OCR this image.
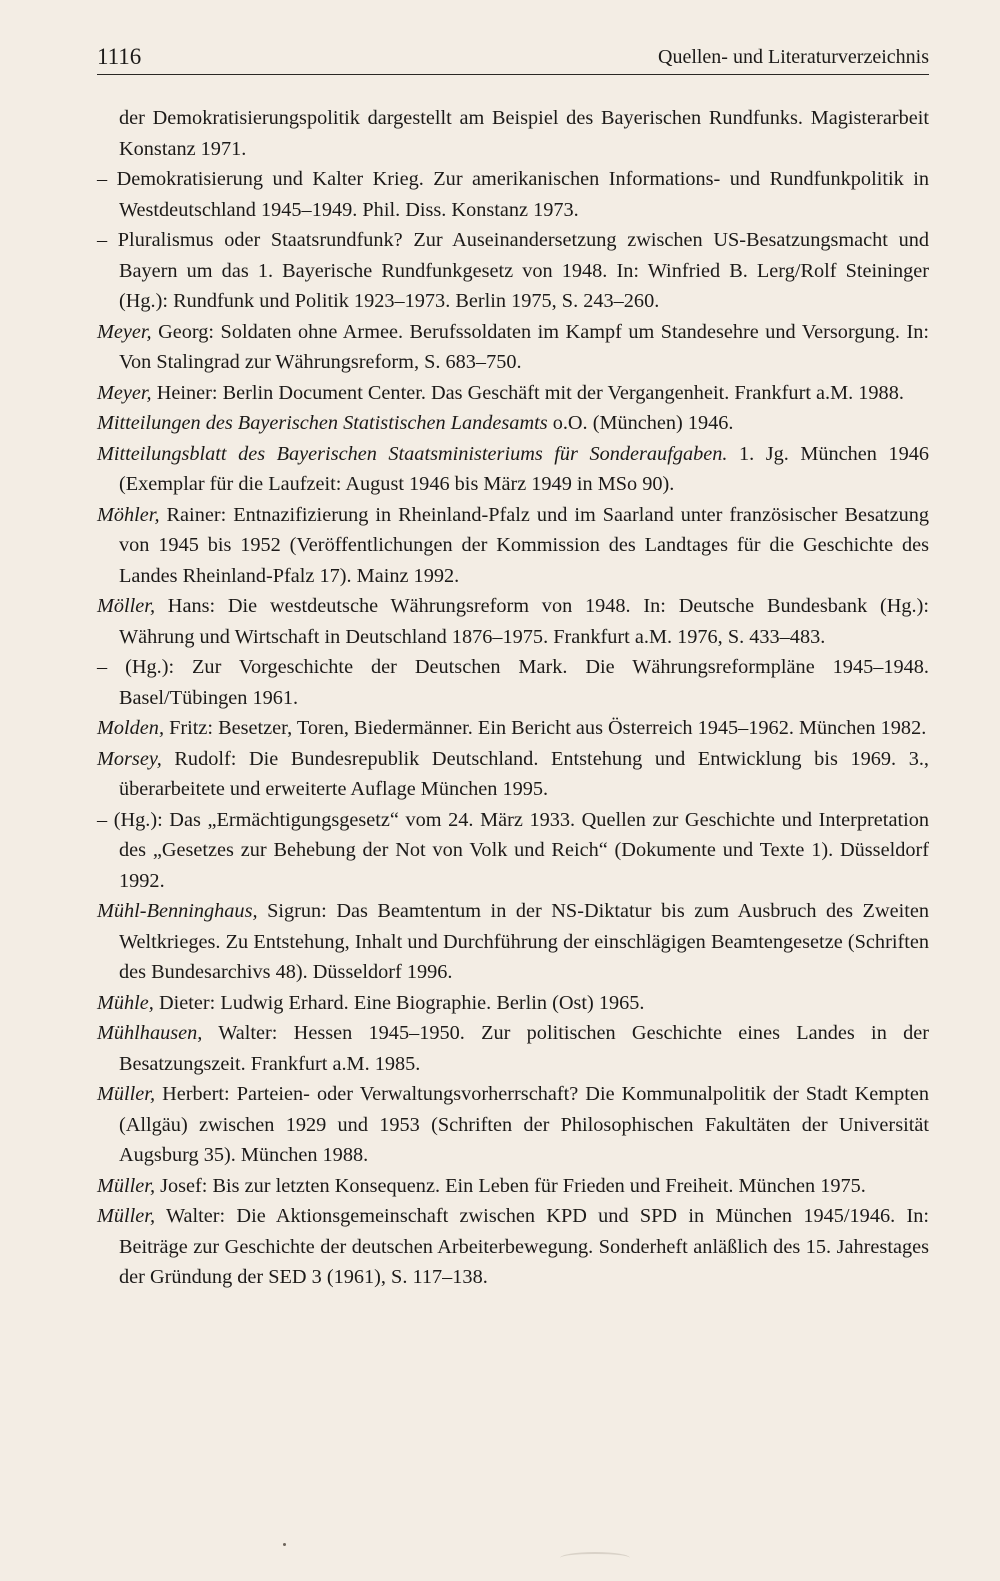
1116	Quellen- und Literaturverzeichnis

der Demokratisierungspolitik dargestellt am Beispiel des Bayerischen Rundfunks. Magisterarbeit Konstanz 1971.

– Demokratisierung und Kalter Krieg. Zur amerikanischen Informations- und Rundfunkpolitik in Westdeutschland 1945–1949. Phil. Diss. Konstanz 1973.

– Pluralismus oder Staatsrundfunk? Zur Auseinandersetzung zwischen US-Besatzungsmacht und Bayern um das 1. Bayerische Rundfunkgesetz von 1948. In: Winfried B. Lerg/Rolf Steininger (Hg.): Rundfunk und Politik 1923–1973. Berlin 1975, S. 243–260.

Meyer, Georg: Soldaten ohne Armee. Berufssoldaten im Kampf um Standesehre und Versorgung. In: Von Stalingrad zur Währungsreform, S. 683–750.

Meyer, Heiner: Berlin Document Center. Das Geschäft mit der Vergangenheit. Frankfurt a.M. 1988.

Mitteilungen des Bayerischen Statistischen Landesamts o.O. (München) 1946.

Mitteilungsblatt des Bayerischen Staatsministeriums für Sonderaufgaben. 1. Jg. München 1946 (Exemplar für die Laufzeit: August 1946 bis März 1949 in MSo 90).

Möhler, Rainer: Entnazifizierung in Rheinland-Pfalz und im Saarland unter französischer Besatzung von 1945 bis 1952 (Veröffentlichungen der Kommission des Landtages für die Geschichte des Landes Rheinland-Pfalz 17). Mainz 1992.

Möller, Hans: Die westdeutsche Währungsreform von 1948. In: Deutsche Bundesbank (Hg.): Währung und Wirtschaft in Deutschland 1876–1975. Frankfurt a.M. 1976, S. 433–483.

– (Hg.): Zur Vorgeschichte der Deutschen Mark. Die Währungsreformpläne 1945–1948. Basel/Tübingen 1961.

Molden, Fritz: Besetzer, Toren, Biedermänner. Ein Bericht aus Österreich 1945–1962. München 1982.

Morsey, Rudolf: Die Bundesrepublik Deutschland. Entstehung und Entwicklung bis 1969. 3., überarbeitete und erweiterte Auflage München 1995.

– (Hg.): Das „Ermächtigungsgesetz“ vom 24. März 1933. Quellen zur Geschichte und Interpretation des „Gesetzes zur Behebung der Not von Volk und Reich“ (Dokumente und Texte 1). Düsseldorf 1992.

Mühl-Benninghaus, Sigrun: Das Beamtentum in der NS-Diktatur bis zum Ausbruch des Zweiten Weltkrieges. Zu Entstehung, Inhalt und Durchführung der einschlägigen Beamtengesetze (Schriften des Bundesarchivs 48). Düsseldorf 1996.

Mühle, Dieter: Ludwig Erhard. Eine Biographie. Berlin (Ost) 1965.

Mühlhausen, Walter: Hessen 1945–1950. Zur politischen Geschichte eines Landes in der Besatzungszeit. Frankfurt a.M. 1985.

Müller, Herbert: Parteien- oder Verwaltungsvorherrschaft? Die Kommunalpolitik der Stadt Kempten (Allgäu) zwischen 1929 und 1953 (Schriften der Philosophischen Fakultäten der Universität Augsburg 35). München 1988.

Müller, Josef: Bis zur letzten Konsequenz. Ein Leben für Frieden und Freiheit. München 1975.

Müller, Walter: Die Aktionsgemeinschaft zwischen KPD und SPD in München 1945/1946. In: Beiträge zur Geschichte der deutschen Arbeiterbewegung. Sonderheft anläßlich des 15. Jahrestages der Gründung der SED 3 (1961), S. 117–138.
